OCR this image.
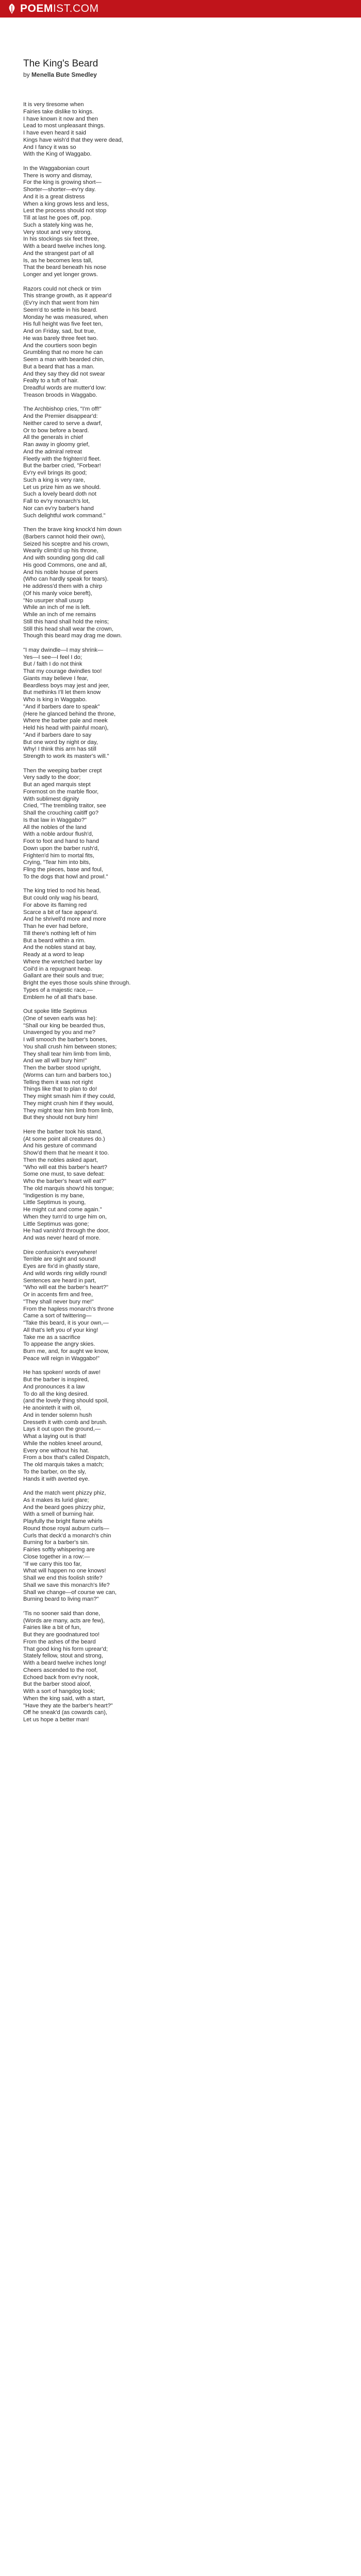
POEM IST.COM
The King's Beard
by Menella Bute Smedley
It is very tiresome when
Fairies take dislike to kings.
I have known it now and then
Lead to most unpleasant things.
I have even heard it said
Kings have wish'd that they were dead,
And I fancy it was so
With the King of Waggabo.
In the Waggabonian court
There is worry and dismay,
For the king is growing short—
Shorter—shorter—ev'ry day.
And it is a great distress
When a king grows less and less,
Lest the process should not stop
Till at last he goes off, pop.
Such a stately king was he,
Very stout and very strong,
In his stockings six feet three,
With a beard twelve inches long.
And the strangest part of all
Is, as he becomes less tall,
That the beard beneath his nose
Longer and yet longer grows.
Razors could not check or trim
This strange growth, as it appear'd
(Ev'ry inch that went from him
Seem'd to settle in his beard.
Monday he was measured, when
His full height was five feet ten,
And on Friday, sad, but true,
He was barely three feet two.
And the courtiers soon begin
Grumbling that no more he can
Seem a man with bearded chin,
But a beard that has a man.
And they say they did not swear
Fealty to a tuft of hair.
Dreadful words are mutter'd low:
Treason broods in Waggabo.
The Archbishop cries, "I'm off!"
And the Premier disappear'd:
Neither cared to serve a dwarf,
Or to bow before a beard.
All the generals in chief
Ran away in gloomy grief,
And the admiral retreat
Fleetly with the frighten'd fleet.
But the barber cried, "Forbear!
Ev'ry evil brings its good;
Such a king is very rare,
Let us prize him as we should.
Such a lovely beard doth not
Fall to ev'ry monarch's lot,
Nor can ev'ry barber's hand
Such delightful work command."
Then the brave king knock'd him down
(Barbers cannot hold their own),
Seized his sceptre and his crown,
Wearily climb'd up his throne,
And with sounding gong did call
His good Commons, one and all,
And his noble house of peers
(Who can hardly speak for tears).
He address'd them with a chirp
(Of his manly voice bereft),
"No usurper shall usurp
While an inch of me is left.
While an inch of me remains
Still this hand shall hold the reins;
Still this head shall wear the crown,
Though this beard may drag me down.
"I may dwindle—I may shrink—
Yes—I see—I feel I do;
But / faith I do not think
That my courage dwindles too!
Giants may believe I fear,
Beardless boys may jest and jeer,
But methinks I'll let them know
Who is king in Waggabo.
"And if barbers dare to speak"
(Here he glanced behind the throne,
Where the barber pale and meek
Held his head with painful moan),
"And if barbers dare to say
But one word by night or day,
Why! I think this arm has still
Strength to work its master's will."
Then the weeping barber crept
Very sadly to the door;
But an aged marquis stept
Foremost on the marble floor,
With sublimest dignity
Cried, "The trembling traitor, see
Shall the crouching caitiff go?
Is that law in Waggabo?"
All the nobles of the land
With a noble ardour flush'd,
Foot to foot and hand to hand
Down upon the barber rush'd,
Frighten'd him to mortal fits,
Crying, "Tear him into bits,
Fling the pieces, base and foul,
To the dogs that howl and prowl."
The king tried to nod his head,
But could only wag his beard,
For above its flaming red
Scarce a bit of face appear'd.
And he shrivell'd more and more
Than he ever had before,
Till there's nothing left of him
But a beard within a rim.
And the nobles stand at bay,
Ready at a word to leap
Where the wretched barber lay
Coil'd in a repugnant heap.
Gallant are their souls and true;
Bright the eyes those souls shine through.
Types of a majestic race,—
Emblem he of all that's base.
Out spoke little Septimus
(One of seven earls was he):
"Shall our king be bearded thus,
Unavenged by you and me?
I will smooch the barber's bones,
You shall crush him between stones;
They shall tear him limb from limb,
And we all will bury him!"
Then the barber stood upright,
(Worms can turn and barbers too,)
Telling them it was not right
Things like that to plan to do!
They might smash him if they could,
They might crush him if they would,
They might tear him limb from limb,
But they should not bury him!
Here the barber took his stand,
(At some point all creatures do.)
And his gesture of command
Show'd them that he meant it too.
Then the nobles asked apart,
"Who will eat this barber's heart?
Some one must, to save defeat:
Who the barber's heart will eat?"
The old marquis show'd his tongue;
"Indigestion is my bane,
Little Septimus is young,
He might cut and come again."
When they turn'd to urge him on,
Little Septimus was gone;
He had vanish'd through the door,
And was never heard of more.
Dire confusion's everywhere!
Terrible are sight and sound!
Eyes are fix'd in ghastly stare,
And wild words ring wildly round!
Sentences are heard in part,
"Who will eat the barber's heart?"
Or in accents firm and free,
"They shall never bury me!"
From the hapless monarch's throne
Came a sort of twittering—
"Take this beard, it is your own,—
All that's left you of your king!
Take me as a sacrifice
To appease the angry skies.
Burn me, and, for aught we know,
Peace will reign in Waggabo!"
He has spoken! words of awe!
But the barber is inspired,
And pronounces it a law
To do all the king desired.
(and the lovely thing should spoil,
He anointeth it with oil,
And in tender solemn hush
Dresseth it with comb and brush.
Lays it out upon the ground,—
What a laying out is that!
While the nobles kneel around,
Every one without his hat.
From a box that's called Dispatch,
The old marquis takes a match;
To the barber, on the sly,
Hands it with averted eye.
And the match went phizzy phiz,
As it makes its lurid glare;
And the beard goes phizzy phiz,
With a smell of burning hair.
Playfully the bright flame whirls
Round those royal auburn curls—
Curls that deck'd a monarch's chin
Burning for a barber's sin.
Fairies softly whispering are
Close together in a row:—
"If we carry this too far,
What will happen no one knows!
Shall we end this foolish strife?
Shall we save this monarch's life?
Shall we change—of course we can,
Burning beard to living man?"
'Tis no sooner said than done,
(Words are many, acts are few),
Fairies like a bit of fun,
But they are goodnatured too!
From the ashes of the beard
That good king his form uprear'd;
Stately fellow, stout and strong,
With a beard twelve inches long!
Cheers ascended to the roof,
Echoed back from ev'ry nook,
But the barber stood aloof,
With a sort of hangdog look;
When the king said, with a start,
"Have they ate the barber's heart?"
Off he sneak'd (as cowards can),
Let us hope a better man!
